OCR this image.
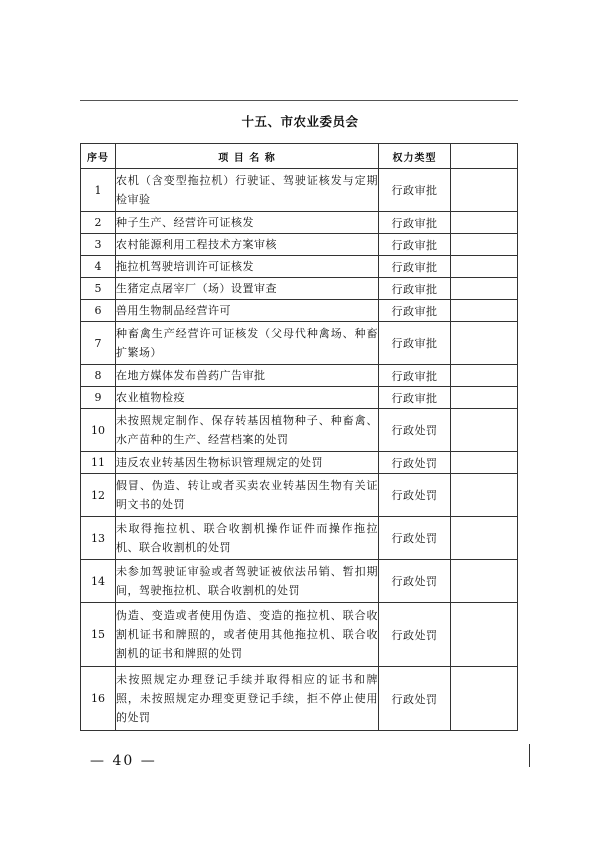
十五、市农业委员会
序号	项 目 名 称	权力类型	
1	农机（含变型拖拉机）行驶证、驾驶证核发与定期检审验	行政审批	
2	种子生产、经营许可证核发	行政审批	
3	农村能源利用工程技术方案审核	行政审批	
4	拖拉机驾驶培训许可证核发	行政审批	
5	生猪定点屠宰厂（场）设置审查	行政审批	
6	兽用生物制品经营许可	行政审批	
7	种畜禽生产经营许可证核发（父母代种禽场、种畜扩繁场）	行政审批	
8	在地方媒体发布兽药广告审批	行政审批	
9	农业植物检疫	行政审批	
10	未按照规定制作、保存转基因植物种子、种畜禽、水产苗种的生产、经营档案的处罚	行政处罚	
11	违反农业转基因生物标识管理规定的处罚	行政处罚	
12	假冒、伪造、转让或者买卖农业转基因生物有关证明文书的处罚	行政处罚	
13	未取得拖拉机、联合收割机操作证件而操作拖拉机、联合收割机的处罚	行政处罚	
14	未参加驾驶证审验或者驾驶证被依法吊销、暂扣期间，驾驶拖拉机、联合收割机的处罚	行政处罚	
15	伪造、变造或者使用伪造、变造的拖拉机、联合收割机证书和牌照的，或者使用其他拖拉机、联合收割机的证书和牌照的处罚	行政处罚	
16	未按照规定办理登记手续并取得相应的证书和牌照，未按照规定办理变更登记手续，拒不停止使用的处罚	行政处罚	
— 40 —
